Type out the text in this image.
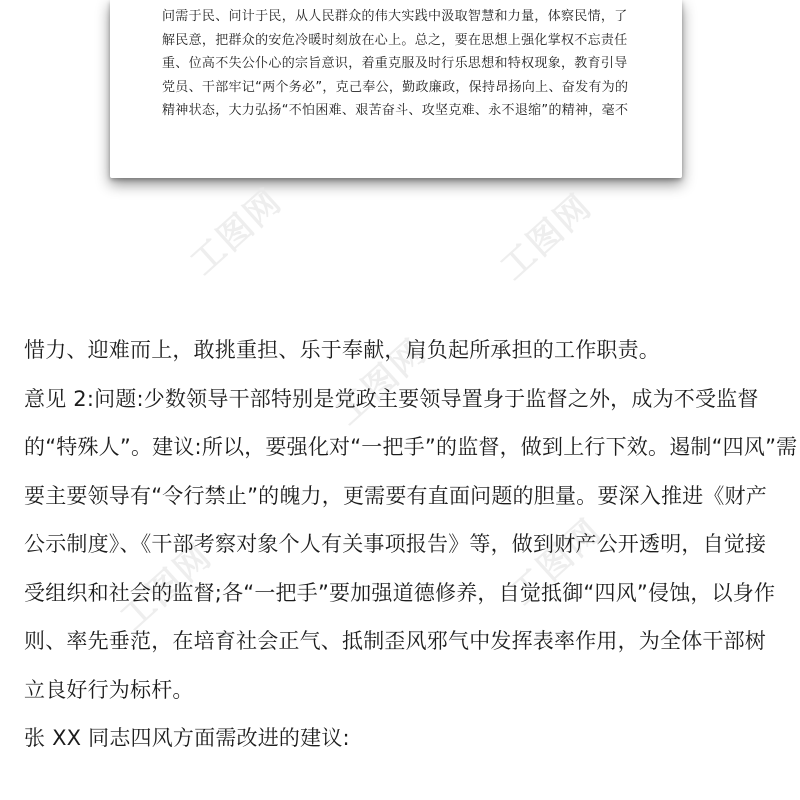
问需于民、问计于民，从人民群众的伟大实践中汲取智慧和力量，体察民情，了
解民意，把群众的安危冷暖时刻放在心上。总之，要在思想上强化掌权不忘责任
重、位高不失公仆心的宗旨意识，着重克服及时行乐思想和特权现象，教育引导
党员、干部牢记“两个务必”，克己奉公，勤政廉政，保持昂扬向上、奋发有为的
精神状态，大力弘扬“不怕困难、艰苦奋斗、攻坚克难、永不退缩”的精神，毫不
工图网	工图网
工图网
工图网	工图网
惜力、迎难而上，敢挑重担、乐于奉献，肩负起所承担的工作职责。
意见 2:问题:少数领导干部特别是党政主要领导置身于监督之外，成为不受监督
的“特殊人”。建议:所以，要强化对“一把手”的监督，做到上行下效。遏制“四风”需
要主要领导有“令行禁止”的魄力，更需要有直面问题的胆量。要深入推进《财产
公示制度》、《干部考察对象个人有关事项报告》等，做到财产公开透明，自觉接
受组织和社会的监督;各“一把手”要加强道德修养，自觉抵御“四风”侵蚀，以身作
则、率先垂范，在培育社会正气、抵制歪风邪气中发挥表率作用，为全体干部树
立良好行为标杆。
张 XX 同志四风方面需改进的建议:
